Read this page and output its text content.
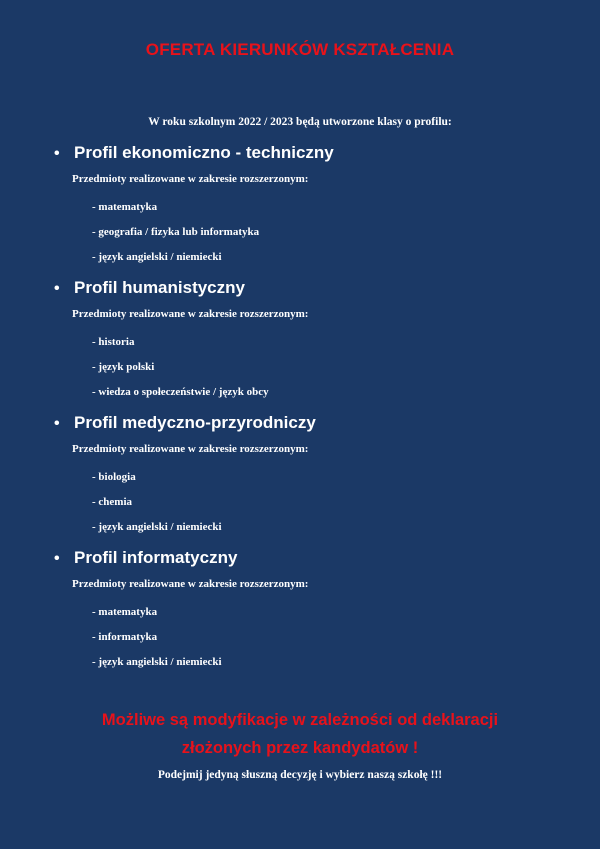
OFERTA KIERUNKÓW KSZTAŁCENIA
W roku szkolnym 2022 / 2023 będą utworzone klasy o profilu:
• Profil ekonomiczno - techniczny
Przedmioty realizowane w zakresie rozszerzonym:
- matematyka
- geografia / fizyka lub informatyka
- język angielski / niemiecki
• Profil humanistyczny
Przedmioty realizowane w zakresie rozszerzonym:
- historia
- język polski
- wiedza o społeczeństwie / język obcy
• Profil medyczno-przyrodniczy
Przedmioty realizowane w zakresie rozszerzonym:
- biologia
- chemia
- język angielski / niemiecki
• Profil informatyczny
Przedmioty realizowane w zakresie rozszerzonym:
- matematyka
- informatyka
- język angielski / niemiecki
Możliwe są modyfikacje w zależności od deklaracji
złożonych przez kandydatów !
Podejmij jedyną słuszną decyzję i wybierz naszą szkołę !!!
